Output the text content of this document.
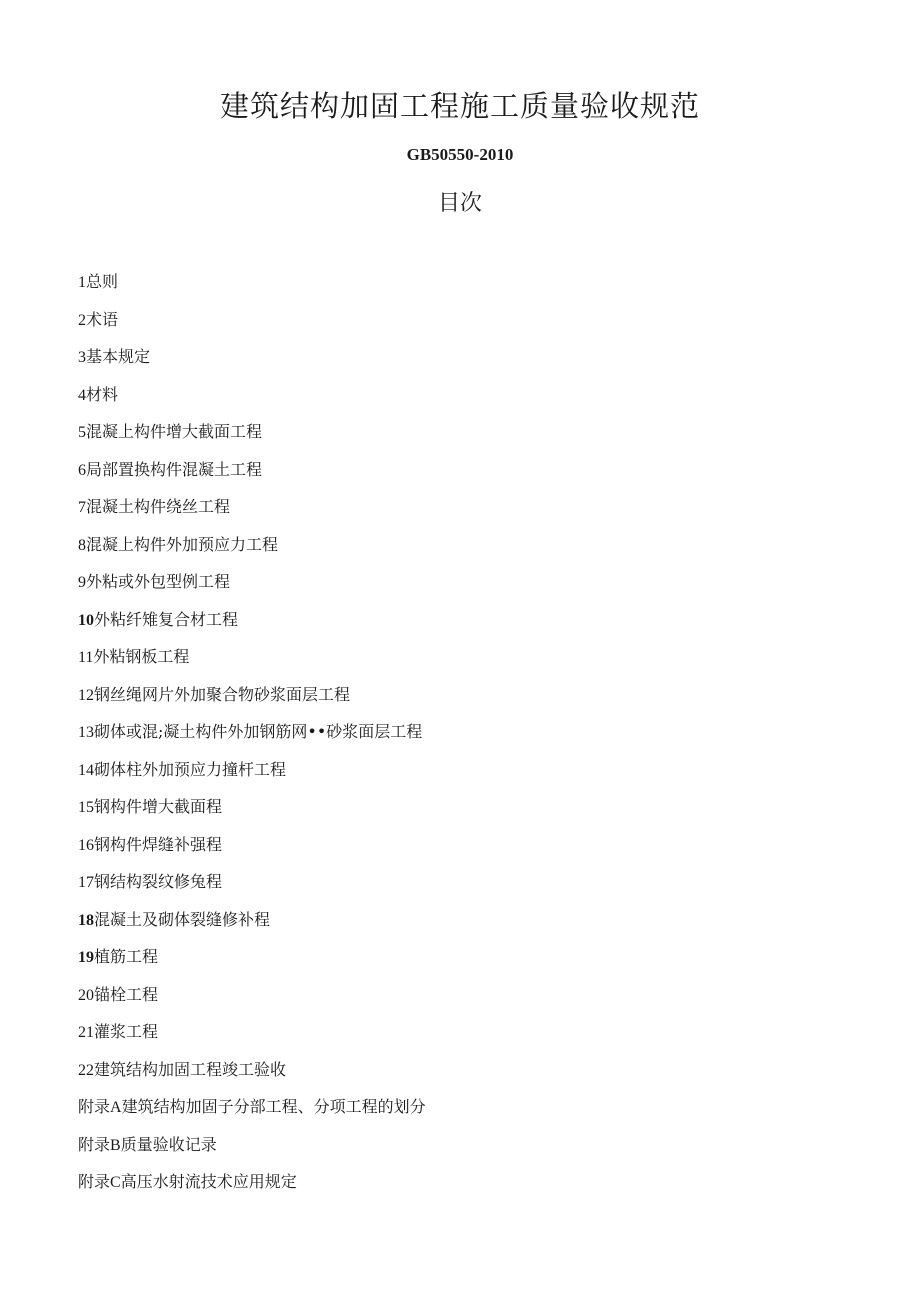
建筑结构加固工程施工质量验收规范
GB50550-2010
目次
1总则
2术语
3基本规定
4材料
5混凝上构件增大截面工程
6局部置换构件混凝土工程
7混凝土构件绕丝工程
8混凝上构件外加预应力工程
9外粘或外包型例工程
10外粘纤雉复合材工程
11外粘钢板工程
12钢丝绳网片外加聚合物砂浆面层工程
13砌体或混;凝土构件外加钢筋网••砂浆面层工程
14砌体柱外加预应力撞杆工程
15钢构件增大截面程
16钢构件焊缝补强程
17钢结构裂纹修兔程
18混凝土及砌体裂缝修补程
19植筋工程
20锚栓工程
21灌浆工程
22建筑结构加固工程竣工验收
附录A建筑结构加固子分部工程、分项工程的划分
附录B质量验收记录
附录C高压水射流技术应用规定
